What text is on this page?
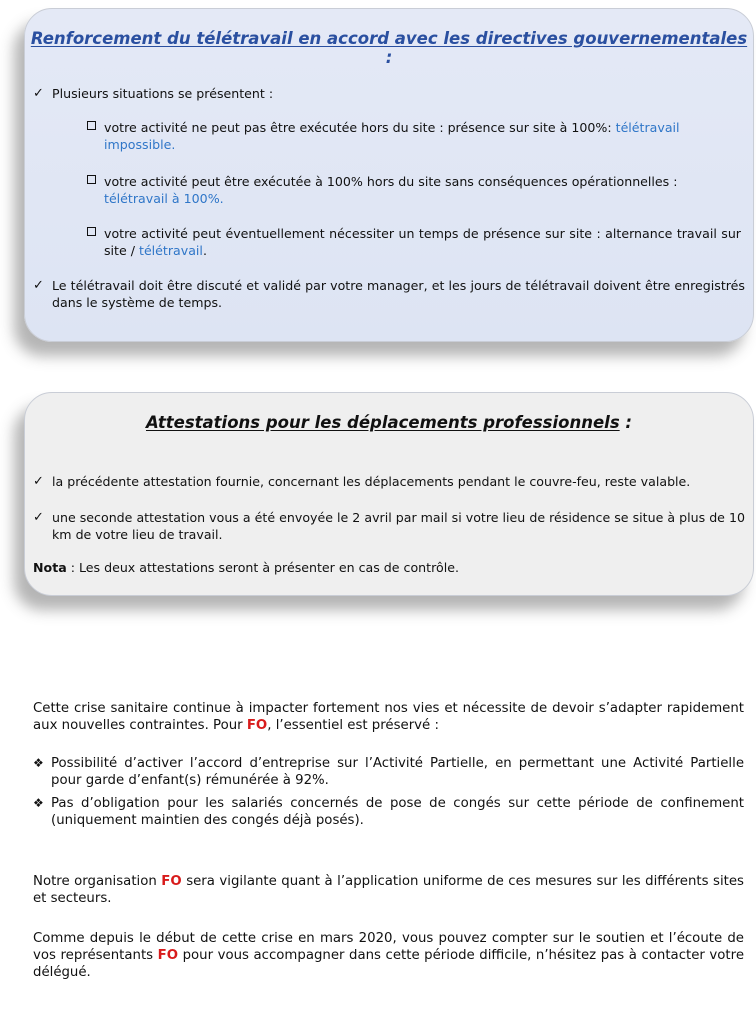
Renforcement du télétravail en accord avec les directives gouvernementales :
✓ Plusieurs situations se présentent :
votre activité ne peut pas être exécutée hors du site : présence sur site à 100%: télétravail impossible.
votre activité peut être exécutée à 100% hors du site sans conséquences opérationnelles : télétravail à 100%.
votre activité peut éventuellement nécessiter un temps de présence sur site : alternance travail sur site / télétravail.
✓ Le télétravail doit être discuté et validé par votre manager, et les jours de télétravail doivent être enregistrés dans le système de temps.
Attestations pour les déplacements professionnels :
✓ la précédente attestation fournie, concernant les déplacements pendant le couvre-feu, reste valable.
✓ une seconde attestation vous a été envoyée le 2 avril par mail si votre lieu de résidence se situe à plus de 10 km de votre lieu de travail.
Nota : Les deux attestations seront à présenter en cas de contrôle.
Cette crise sanitaire continue à impacter fortement nos vies et nécessite de devoir s’adapter rapidement aux nouvelles contraintes. Pour FO, l’essentiel est préservé :
❖ Possibilité d’activer l’accord d’entreprise sur l’Activité Partielle, en permettant une Activité Partielle pour garde d’enfant(s) rémunérée à 92%.
❖ Pas d’obligation pour les salariés concernés de pose de congés sur cette période de confinement (uniquement maintien des congés déjà posés).
Notre organisation FO sera vigilante quant à l’application uniforme de ces mesures sur les différents sites et secteurs.
Comme depuis le début de cette crise en mars 2020, vous pouvez compter sur le soutien et l’écoute de vos représentants FO pour vous accompagner dans cette période difficile, n’hésitez pas à contacter votre délégué.
